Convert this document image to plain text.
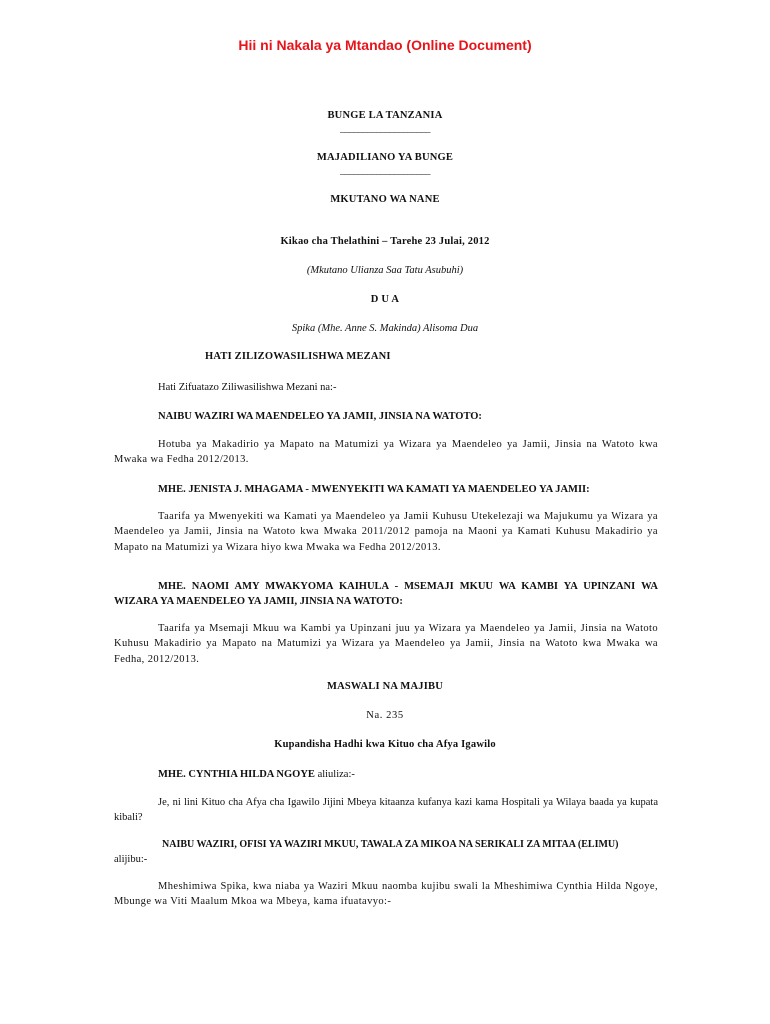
Hii ni Nakala ya Mtandao (Online Document)
BUNGE LA TANZANIA
____________________
MAJADILIANO YA BUNGE
____________________
MKUTANO WA NANE
Kikao cha Thelathini – Tarehe 23 Julai, 2012
(Mkutano Ulianza Saa Tatu Asubuhi)
D U A
Spika (Mhe. Anne S. Makinda) Alisoma Dua
HATI ZILIZOWASILISHWA MEZANI
Hati Zifuatazo Ziliwasilishwa Mezani na:-
NAIBU WAZIRI WA MAENDELEO YA JAMII, JINSIA NA WATOTO:
Hotuba ya Makadirio ya Mapato na Matumizi ya Wizara ya Maendeleo ya Jamii, Jinsia na Watoto kwa Mwaka wa Fedha 2012/2013.
MHE. JENISTA J. MHAGAMA - MWENYEKITI WA KAMATI YA MAENDELEO YA JAMII:
Taarifa ya Mwenyekiti wa Kamati ya Maendeleo ya Jamii Kuhusu Utekelezaji wa Majukumu ya Wizara ya Maendeleo ya Jamii, Jinsia na Watoto kwa Mwaka 2011/2012 pamoja na Maoni ya Kamati Kuhusu Makadirio ya Mapato na Matumizi ya Wizara hiyo kwa Mwaka wa Fedha 2012/2013.
MHE. NAOMI AMY MWAKYOMA KAIHULA - MSEMAJI MKUU WA KAMBI YA UPINZANI WA WIZARA YA MAENDELEO YA JAMII, JINSIA NA WATOTO:
Taarifa ya Msemaji Mkuu wa Kambi ya Upinzani juu ya Wizara ya Maendeleo ya Jamii, Jinsia na Watoto Kuhusu Makadirio ya Mapato na Matumizi ya Wizara ya Maendeleo ya Jamii, Jinsia na Watoto kwa Mwaka wa Fedha, 2012/2013.
MASWALI NA MAJIBU
Na. 235
Kupandisha Hadhi kwa Kituo cha Afya Igawilo
MHE. CYNTHIA HILDA NGOYE aliuliza:-
Je, ni lini Kituo cha Afya cha Igawilo Jijini Mbeya kitaanza kufanya kazi kama Hospitali ya Wilaya baada ya kupata kibali?
NAIBU WAZIRI, OFISI YA WAZIRI MKUU, TAWALA ZA MIKOA NA SERIKALI ZA MITAA (ELIMU)
alijibu:-
Mheshimiwa Spika, kwa niaba ya Waziri Mkuu naomba kujibu swali la Mheshimiwa Cynthia Hilda Ngoye, Mbunge wa Viti Maalum Mkoa wa Mbeya, kama ifuatavyo:-
